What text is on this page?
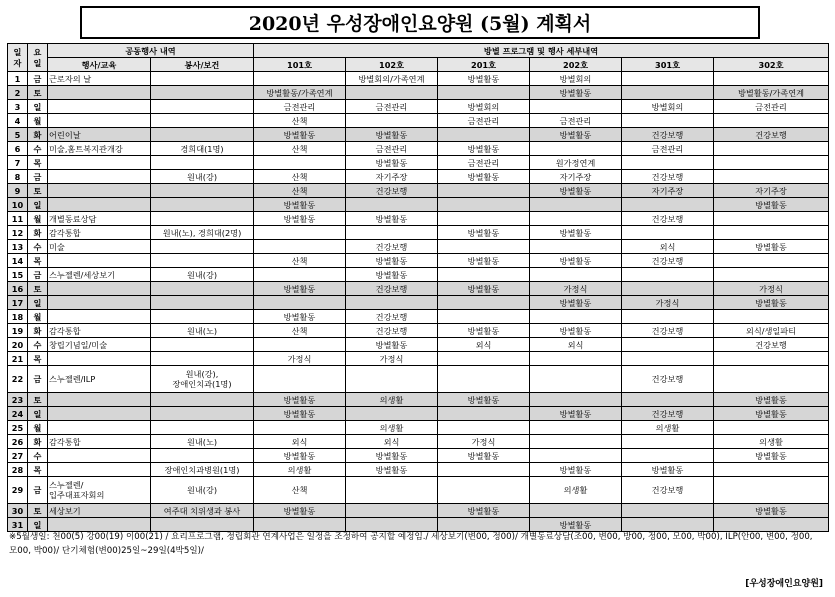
2020년 우성장애인요양원 (5월) 계획서
일자	요일	공동행사 내역		방별 프로그램 및 행사 세부내역					
		행사/교육	봉사/보건	101호	102호	201호	202호	301호	302호
1	금	근로자의 날			방별회의/가족연계	방별활동	방별회의		
2	토			방별활동/가족연계			방별활동		방별활동/가족연계
3	일			금전관리	금전관리	방별회의		방별회의	금전관리
4	월			산책		금전관리	금전관리		
5	화	어린이날		방별활동	방별활동		방별활동	건강보행	건강보행
6	수	미술,홈트복지관개강	경희대(1명)	산책	금전관리	방별활동		금전관리	
7	목				방별활동	금전관리	원가정연계		
8	금		원내(강)	산책	자기주장	방별활동	자기주장	건강보행	
9	토			산책	건강보행		방별활동	자기주장	자기주장
10	일			방별활동					방별활동
11	월	개별동료상담		방별활동	방별활동			건강보행	
12	화	감각통합	원내(노), 경희대(2명)			방별활동	방별활동		
13	수	미술			건강보행			외식	방별활동
14	목			산책	방별활동	방별활동	방별활동	건강보행	
15	금	스누젤렌/세상보기	원내(강)		방별활동				
16	토			방별활동	건강보행	방별활동	가정식		가정식
17	일						방별활동	가정식	방별활동
18	월			방별활동	건강보행				
19	화	감각통합	원내(노)	산책	건강보행	방별활동	방별활동	건강보행	외식/생일파티
20	수	창립기념일/미술			방별활동	외식	외식		건강보행
21	목			가정식	가정식				
22	금	스누젤렌/ILP	원내(강),
장애인치과(1명)					건강보행	
23	토			방별활동	의생활	방별활동			방별활동
24	일			방별활동			방별활동	건강보행	방별활동
25	월				의생활			의생활	
26	화	감각통합	원내(노)	외식	외식	가정식			의생활
27	수			방별활동	방별활동	방별활동			방별활동
28	목		장애인치과병원(1명)	의생활	방별활동		방별활동	방별활동	
29	금	스누젤렌/
입주대표자회의	원내(강)	산책			의생활	건강보행	
30	토	세상보기	여주대 치위생과 봉사	방별활동		방별활동			방별활동
31	일						방별활동		
※5월생일: 천00(5) 강00(19) 이00(21) / 요리프로그램, 정립회관 연계사업은 일정을 조정하여 공지할 예정임./ 세상보기(변00, 정00)/ 개별동료상담(조00, 변00, 방00, 정00, 모00, 박00), ILP(안00, 변00, 정00, 모00, 박00)/ 단기체험(변00)25일~29일(4박5일)/
[우성장애인요양원]
